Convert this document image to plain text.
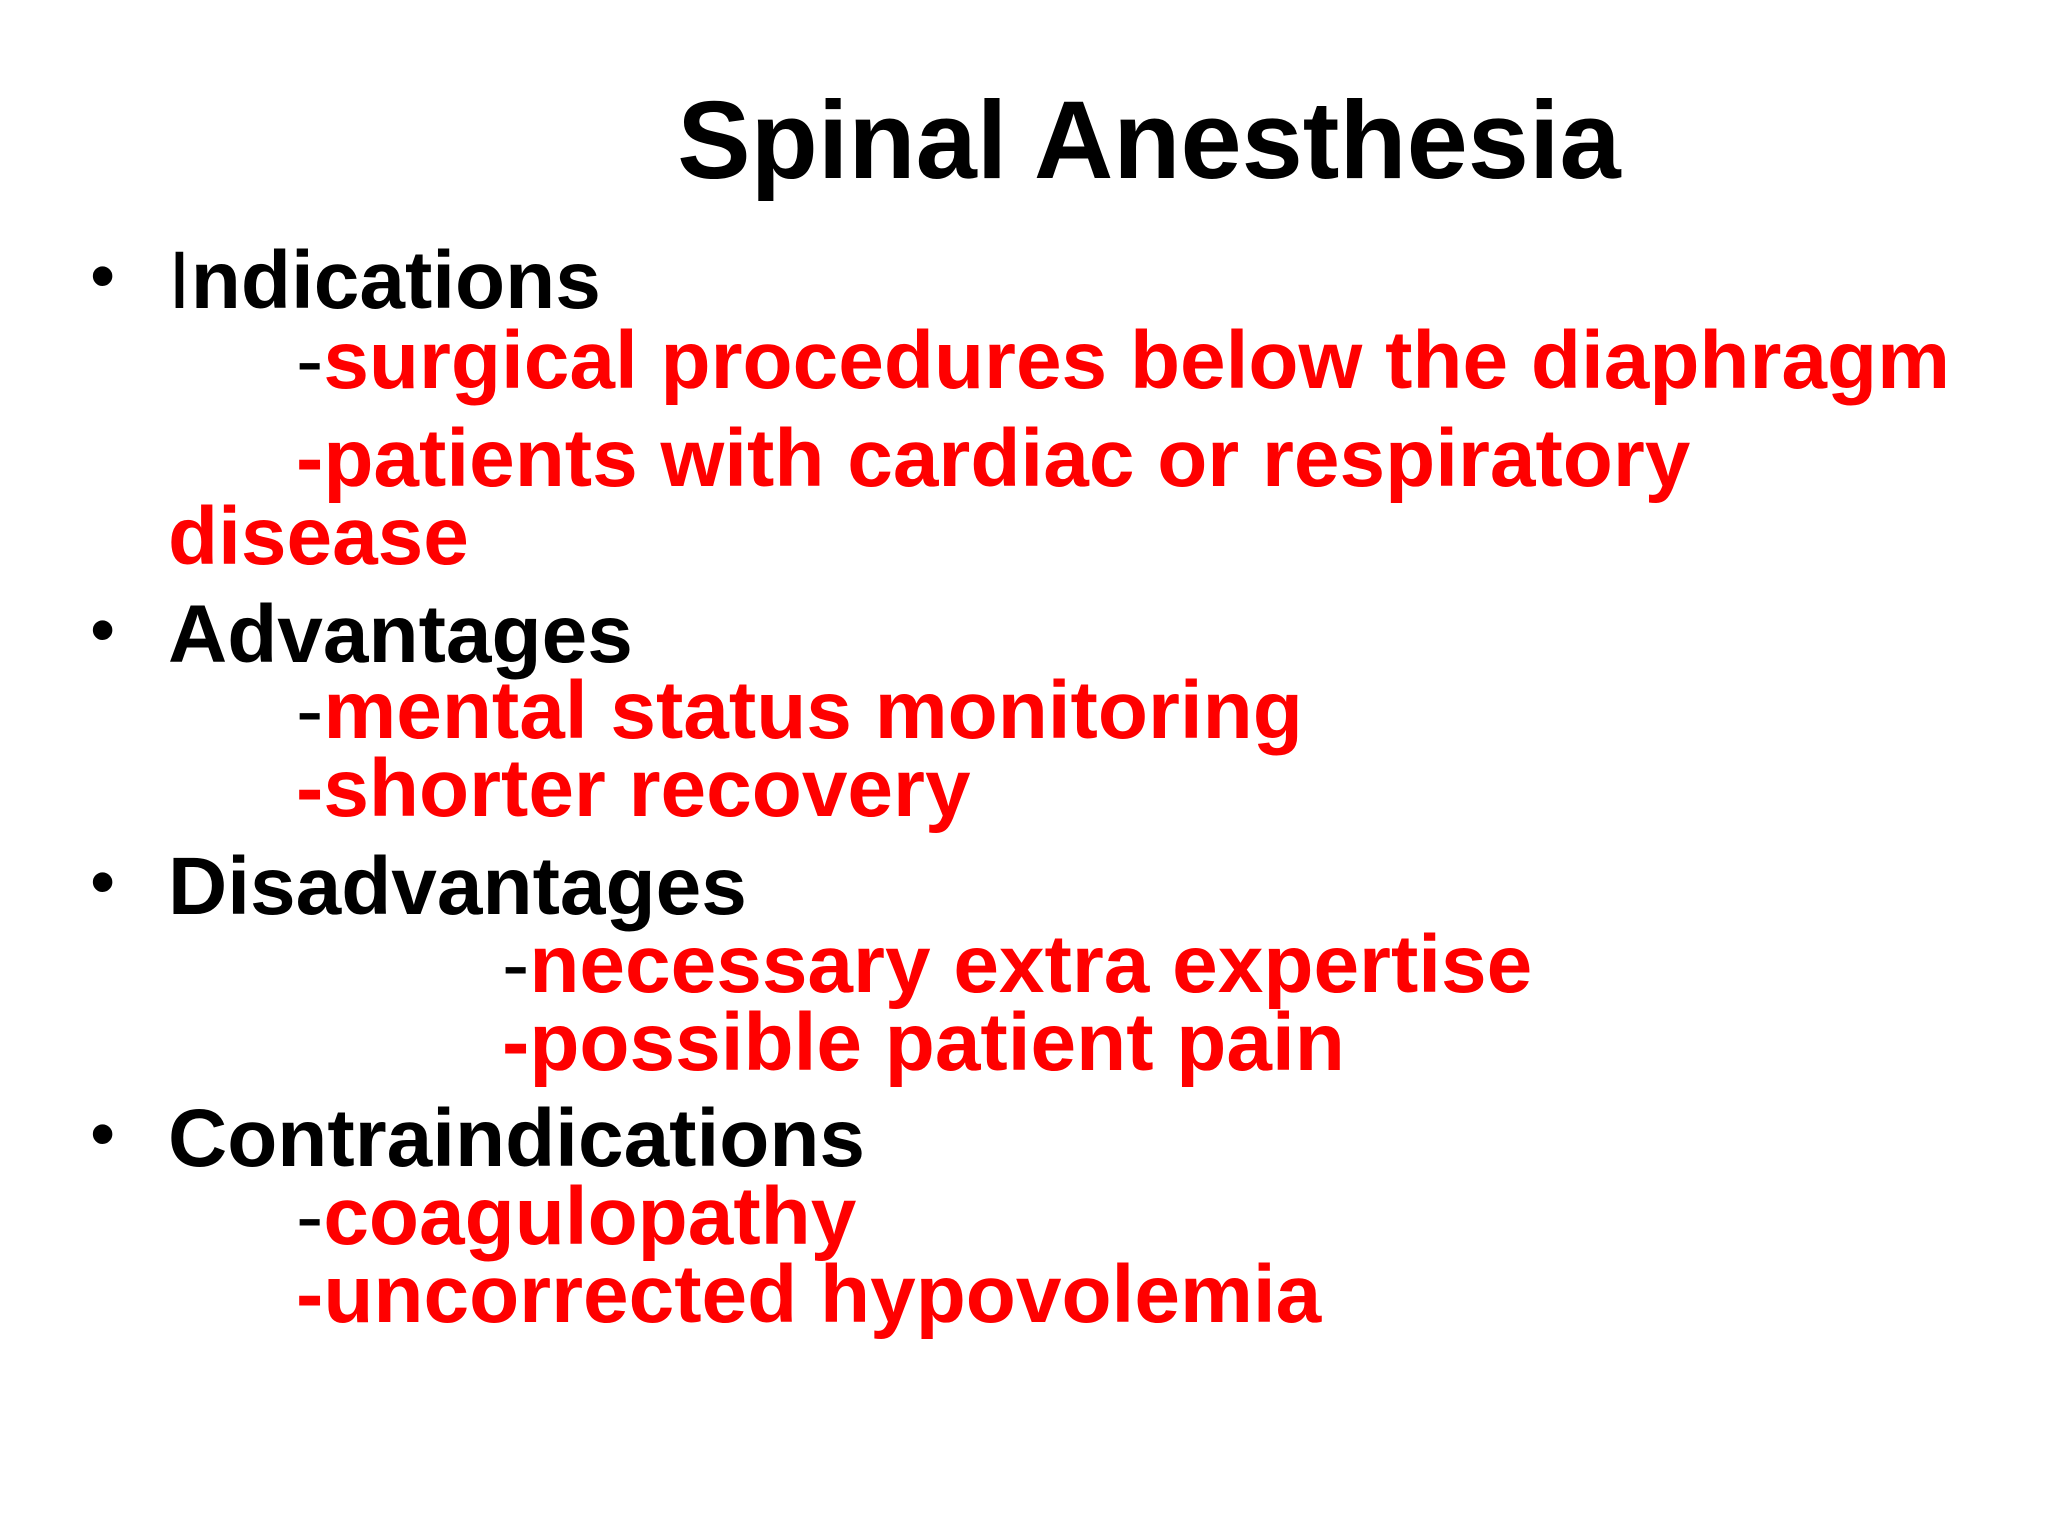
Spinal Anesthesia
• Indications
-surgical procedures below the diaphragm
-patients with cardiac or respiratory
disease
• Advantages
-mental status monitoring
-shorter recovery
• Disadvantages
-necessary extra expertise
-possible patient pain
• Contraindications
-coagulopathy
-uncorrected hypovolemia
